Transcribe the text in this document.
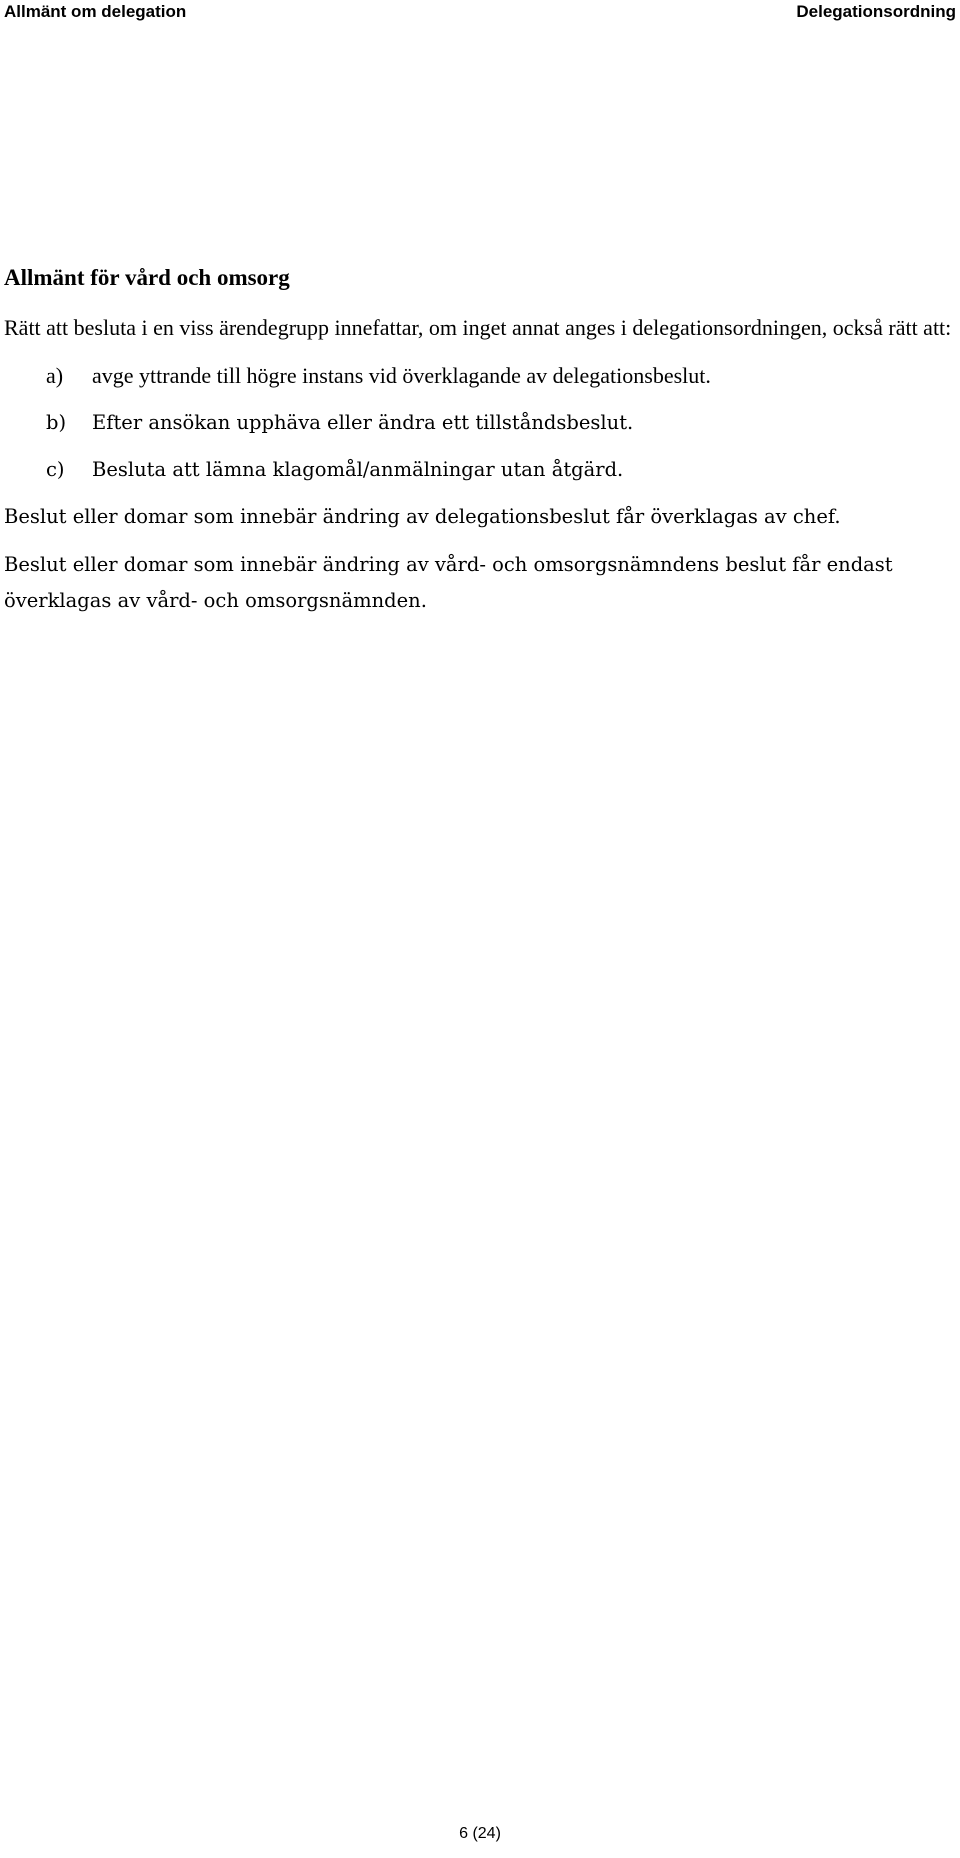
Allmänt om delegation	Delegationsordning
Allmänt för vård och omsorg

Rätt att besluta i en viss ärendegrupp innefattar, om inget annat anges i delegationsordningen, också rätt att:

a) avge yttrande till högre instans vid överklagande av delegationsbeslut.
b) Efter ansökan upphäva eller ändra ett tillståndsbeslut.
c) Besluta att lämna klagomål/anmälningar utan åtgärd.

Beslut eller domar som innebär ändring av delegationsbeslut får överklagas av chef.

Beslut eller domar som innebär ändring av vård- och omsorgsnämndens beslut får endast överklagas av vård- och omsorgsnämnden.

6 (24)
